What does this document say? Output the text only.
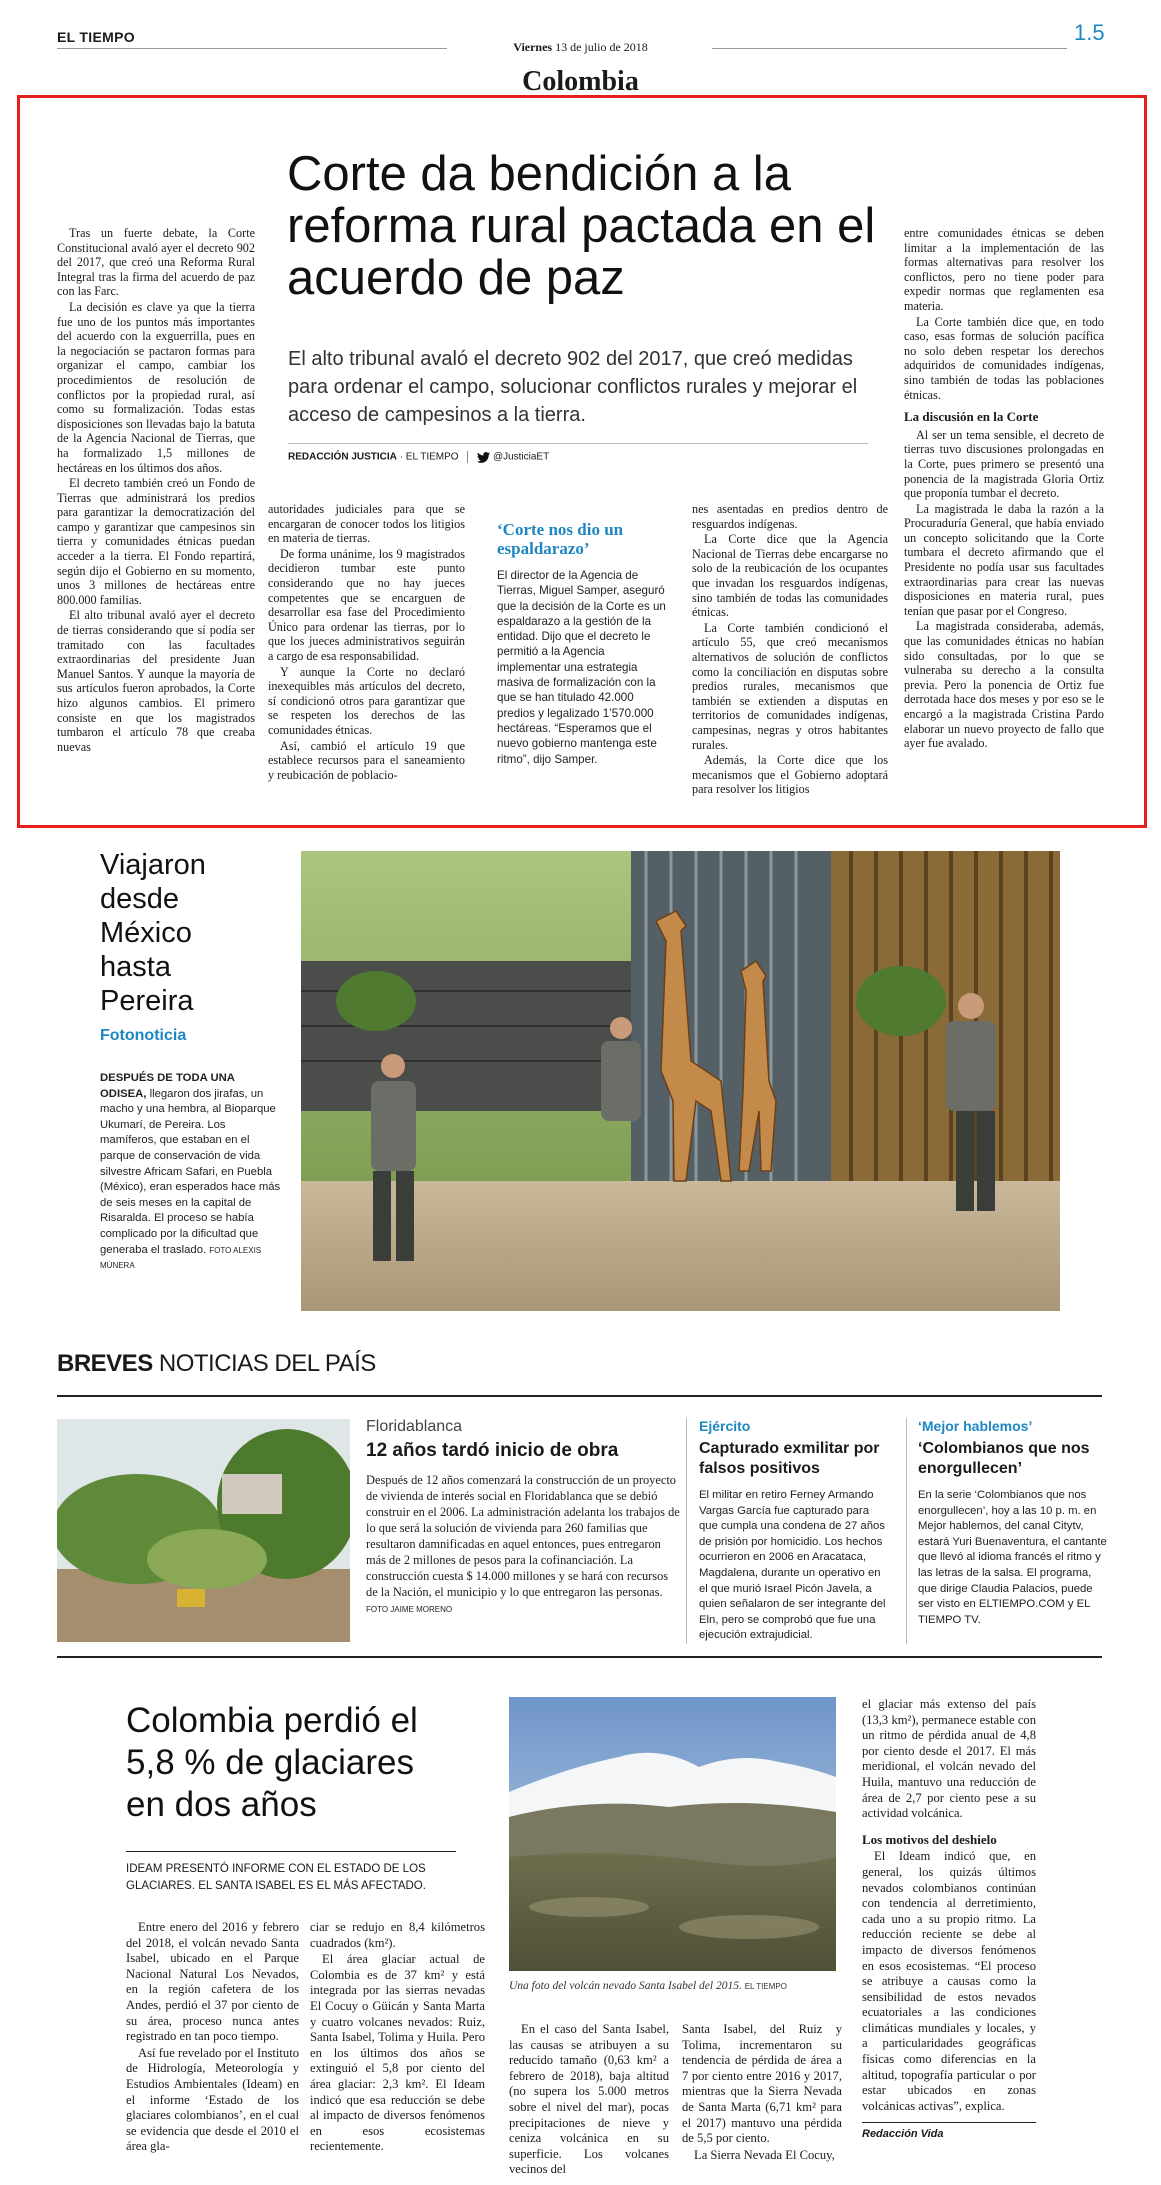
EL TIEMPO
Viernes 13 de julio de 2018
1.5
Colombia
Corte da bendición a la reforma rural pactada en el acuerdo de paz
El alto tribunal avaló el decreto 902 del 2017, que creó medidas para ordenar el campo, solucionar conflictos rurales y mejorar el acceso de campesinos a la tierra.
REDACCIÓN JUSTICIA · EL TIEMPO	@JusticiaET

Tras un fuerte debate, la Corte Constitucional avaló ayer el decreto 902 del 2017, que creó una Reforma Rural Integral tras la firma del acuerdo de paz con las Farc.

La decisión es clave ya que la tierra fue uno de los puntos más importantes del acuerdo con la exguerrilla, pues en la negociación se pactaron formas para organizar el campo, cambiar los procedimientos de resolución de conflictos por la propiedad rural, así como su formalización. Todas estas disposiciones son llevadas bajo la batuta de la Agencia Nacional de Tierras, que ha formalizado 1,5 millones de hectáreas en los últimos dos años.

El decreto también creó un Fondo de Tierras que administrará los predios para garantizar la democratización del campo y garantizar que campesinos sin tierra y comunidades étnicas puedan acceder a la tierra. El Fondo repartirá, según dijo el Gobierno en su momento, unos 3 millones de hectáreas entre 800.000 familias.

El alto tribunal avaló ayer el decreto de tierras considerando que sí podía ser tramitado con las facultades extraordinarias del presidente Juan Manuel Santos. Y aunque la mayoría de sus artículos fueron aprobados, la Corte hizo algunos cambios. El primero consiste en que los magistrados tumbaron el artículo 78 que creaba nuevas

autoridades judiciales para que se encargaran de conocer todos los litigios en materia de tierras.

De forma unánime, los 9 magistrados decidieron tumbar este punto considerando que no hay jueces competentes que se encarguen de desarrollar esa fase del Procedimiento Único para ordenar las tierras, por lo que los jueces administrativos seguirán a cargo de esa responsabilidad.

Y aunque la Corte no declaró inexequibles más artículos del decreto, sí condicionó otros para garantizar que se respeten los derechos de las comunidades étnicas.

Así, cambió el artículo 19 que establece recursos para el saneamiento y reubicación de poblacio-

‘Corte nos dio un espaldarazo’
El director de la Agencia de Tierras, Miguel Samper, aseguró que la decisión de la Corte es un espaldarazo a la gestión de la entidad. Dijo que el decreto le permitió a la Agencia implementar una estrategia masiva de formalización con la que se han titulado 42.000 predios y legalizado 1’570.000 hectáreas. “Esperamos que el nuevo gobierno mantenga este ritmo”, dijo Samper.

nes asentadas en predios dentro de resguardos indígenas.

La Corte dice que la Agencia Nacional de Tierras debe encargarse no solo de la reubicación de los ocupantes que invadan los resguardos indígenas, sino también de todas las comunidades étnicas.

La Corte también condicionó el artículo 55, que creó mecanismos alternativos de solución de conflictos como la conciliación en disputas sobre predios rurales, mecanismos que también se extienden a disputas en territorios de comunidades indígenas, campesinas, negras y otros habitantes rurales.

Además, la Corte dice que los mecanismos que el Gobierno adoptará para resolver los litigios

entre comunidades étnicas se deben limitar a la implementación de las formas alternativas para resolver los conflictos, pero no tiene poder para expedir normas que reglamenten esa materia.

La Corte también dice que, en todo caso, esas formas de solución pacífica no solo deben respetar los derechos adquiridos de comunidades indígenas, sino también de todas las poblaciones étnicas.

La discusión en la Corte

Al ser un tema sensible, el decreto de tierras tuvo discusiones prolongadas en la Corte, pues primero se presentó una ponencia de la magistrada Gloria Ortiz que proponía tumbar el decreto.

La magistrada le daba la razón a la Procuraduría General, que había enviado un concepto solicitando que la Corte tumbara el decreto afirmando que el Presidente no podía usar sus facultades extraordinarias para crear las nuevas disposiciones en materia rural, pues tenían que pasar por el Congreso.

La magistrada consideraba, además, que las comunidades étnicas no habían sido consultadas, por lo que se vulneraba su derecho a la consulta previa. Pero la ponencia de Ortiz fue derrotada hace dos meses y por eso se le encargó a la magistrada Cristina Pardo elaborar un nuevo proyecto de fallo que ayer fue avalado.

Viajaron desde México hasta Pereira
Fotonoticia
DESPUÉS DE TODA UNA ODISEA, llegaron dos jirafas, un macho y una hembra, al Bioparque Ukumarí, de Pereira. Los mamíferos, que estaban en el parque de conservación de vida silvestre Africam Safari, en Puebla (México), eran esperados hace más de seis meses en la capital de Risaralda. El proceso se había complicado por la dificultad que generaba el traslado. FOTO ALEXIS MÚNERA
BREVES NOTICIAS DEL PAÍS
Floridablanca
12 años tardó inicio de obra
Después de 12 años comenzará la construcción de un proyecto de vivienda de interés social en Floridablanca que se debió construir en el 2006. La administración adelanta los trabajos de lo que será la solución de vivienda para 260 familias que resultaron damnificadas en aquel entonces, pues entregaron más de 2 millones de pesos para la cofinanciación. La construcción cuesta $ 14.000 millones y se hará con recursos de la Nación, el municipio y lo que entregaron las personas. FOTO JAIME MORENO
Ejército
Capturado exmilitar por falsos positivos
El militar en retiro Ferney Armando Vargas García fue capturado para que cumpla una condena de 27 años de prisión por homicidio. Los hechos ocurrieron en 2006 en Aracataca, Magdalena, durante un operativo en el que murió Israel Picón Javela, a quien señalaron de ser integrante del Eln, pero se comprobó que fue una ejecución extrajudicial.
‘Mejor hablemos’
‘Colombianos que nos enorgullecen’
En la serie ‘Colombianos que nos enorgullecen’, hoy a las 10 p. m. en Mejor hablemos, del canal Citytv, estará Yuri Buenaventura, el cantante que llevó al idioma francés el ritmo y las letras de la salsa. El programa, que dirige Claudia Palacios, puede ser visto en ELTIEMPO.COM y EL TIEMPO TV.
Colombia perdió el 5,8 % de glaciares en dos años
IDEAM PRESENTÓ INFORME CON EL ESTADO DE LOS GLACIARES. EL SANTA ISABEL ES EL MÁS AFECTADO.

Entre enero del 2016 y febrero del 2018, el volcán nevado Santa Isabel, ubicado en el Parque Nacional Natural Los Nevados, en la región cafetera de los Andes, perdió el 37 por ciento de su área, proceso nunca antes registrado en tan poco tiempo.

Así fue revelado por el Instituto de Hidrología, Meteorología y Estudios Ambientales (Ideam) en el informe ‘Estado de los glaciares colombianos’, en el cual se evidencia que desde el 2010 el área gla-

ciar se redujo en 8,4 kilómetros cuadrados (km²).

El área glaciar actual de Colombia es de 37 km² y está integrada por las sierras nevadas El Cocuy o Güicán y Santa Marta y cuatro volcanes nevados: Ruiz, Santa Isabel, Tolima y Huila. Pero en los últimos dos años se extinguió el 5,8 por ciento del área glaciar: 2,3 km². El Ideam indicó que esa reducción se debe al impacto de diversos fenómenos en esos ecosistemas recientemente.

Una foto del volcán nevado Santa Isabel del 2015. EL TIEMPO

En el caso del Santa Isabel, las causas se atribuyen a su reducido tamaño (0,63 km² a febrero de 2018), baja altitud (no supera los 5.000 metros sobre el nivel del mar), pocas precipitaciones de nieve y ceniza volcánica en su superficie. Los volcanes vecinos del

Santa Isabel, del Ruiz y Tolima, incrementaron su tendencia de pérdida de área a 7 por ciento entre 2016 y 2017, mientras que la Sierra Nevada de Santa Marta (6,71 km² para el 2017) mantuvo una pérdida de 5,5 por ciento.

La Sierra Nevada El Cocuy,

el glaciar más extenso del país (13,3 km²), permanece estable con un ritmo de pérdida anual de 4,8 por ciento desde el 2017. El más meridional, el volcán nevado del Huila, mantuvo una reducción de área de 2,7 por ciento pese a su actividad volcánica.

Los motivos del deshielo

El Ideam indicó que, en general, los quizás últimos nevados colombianos continúan con tendencia al derretimiento, cada uno a su propio ritmo. La reducción reciente se debe al impacto de diversos fenómenos en esos ecosistemas. “El proceso se atribuye a causas como la sensibilidad de estos nevados ecuatoriales a las condiciones climáticas mundiales y locales, y a particularidades geográficas físicas como diferencias en la altitud, topografía particular o por estar ubicados en zonas volcánicas activas”, explica.

Redacción Vida
